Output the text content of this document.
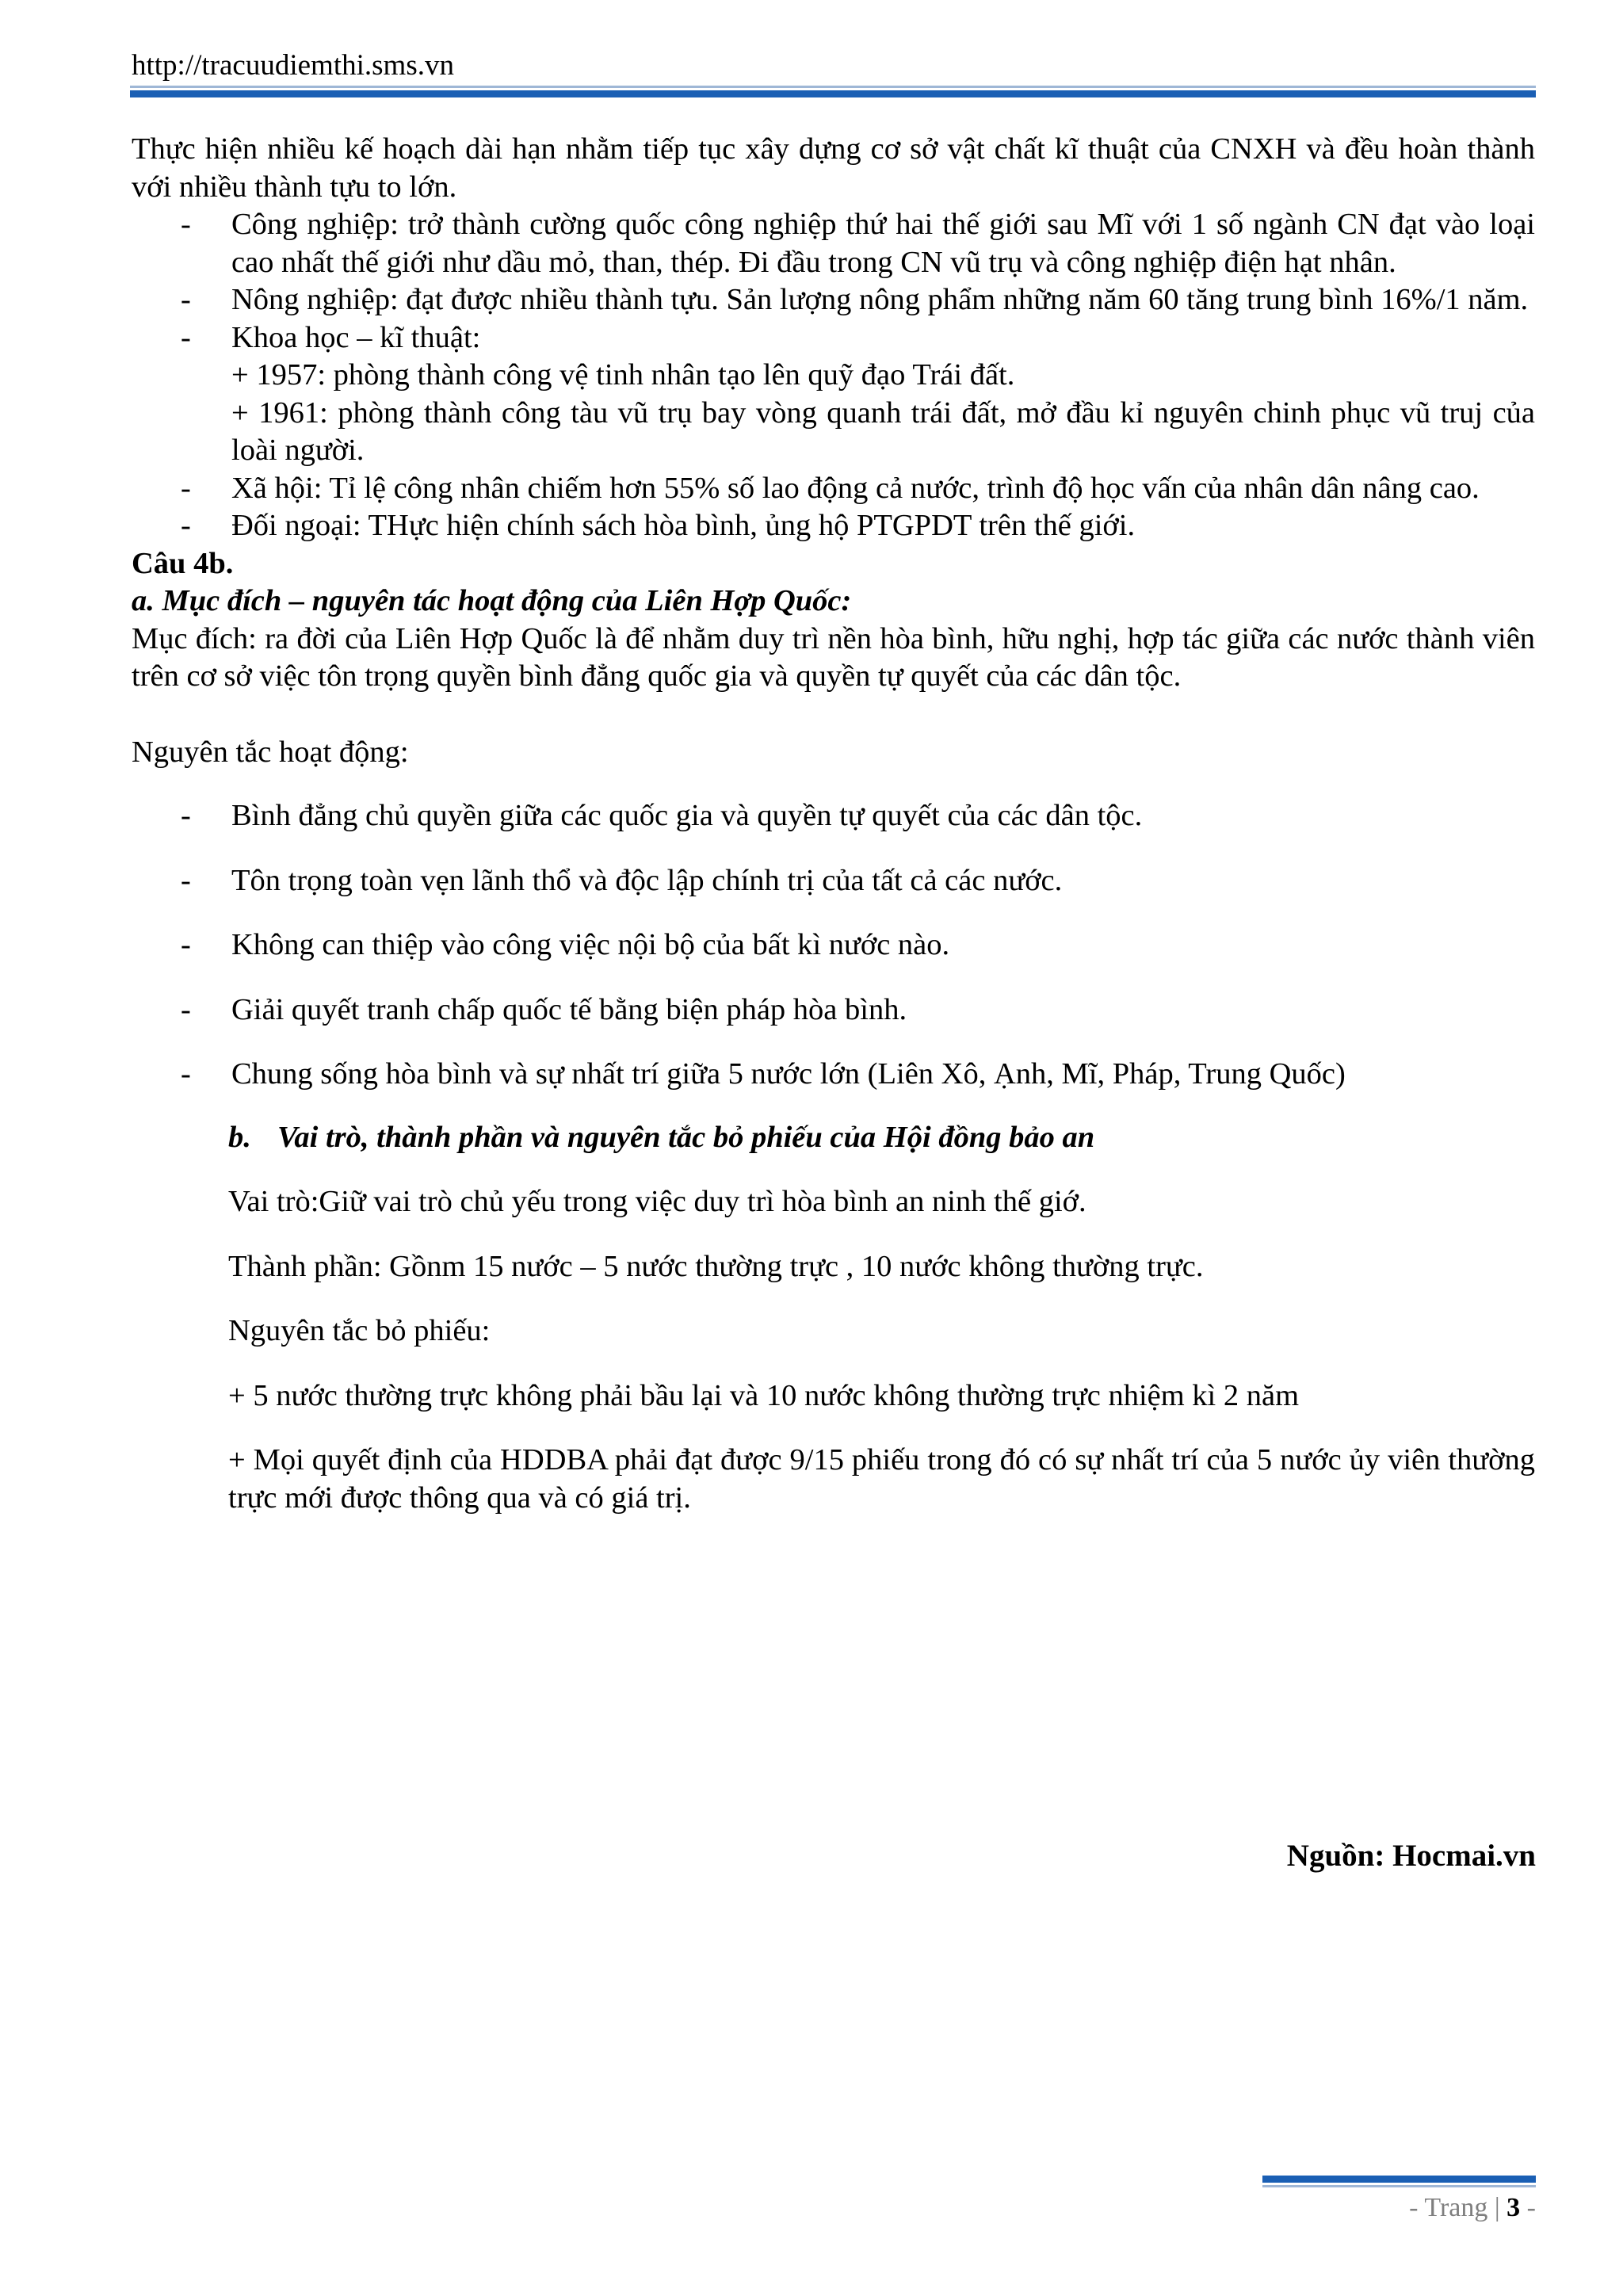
http://tracuudiemthi.sms.vn

Thực hiện nhiều kế hoạch dài hạn nhằm tiếp tục xây dựng cơ sở vật chất kĩ thuật của CNXH và đều hoàn thành với nhiều thành tựu to lớn.

- Công nghiệp: trở thành cường quốc công nghiệp thứ hai thế giới sau Mĩ với 1 số ngành CN đạt vào loại cao nhất thế giới như dầu mỏ, than, thép. Đi đầu trong CN vũ trụ và công nghiệp điện hạt nhân.

- Nông nghiệp: đạt được nhiều thành tựu. Sản lượng nông phẩm những năm 60 tăng trung bình 16%/1 năm.

- Khoa học – kĩ thuật:

+ 1957: phòng thành công vệ tinh nhân tạo lên quỹ đạo Trái đất.

+ 1961: phòng thành công tàu vũ trụ bay vòng quanh trái đất, mở đầu kỉ nguyên chinh phục vũ truj của loài người.

- Xã hội: Tỉ lệ công nhân chiếm hơn 55% số lao động cả nước, trình độ học vấn của nhân dân nâng cao.

- Đối ngoại: THực hiện chính sách hòa bình, ủng hộ PTGPDT trên thế giới.

Câu 4b.

a. Mục đích – nguyên tác hoạt động của Liên Hợp Quốc:

Mục đích: ra đời của Liên Hợp Quốc là để nhằm duy trì nền hòa bình, hữu nghị, hợp tác giữa các nước thành viên trên cơ sở việc tôn trọng quyền bình đẳng quốc gia và quyền tự quyết của các dân tộc.

Nguyên tắc hoạt động:

- Bình đẳng chủ quyền giữa các quốc gia và quyền tự quyết của các dân tộc.

- Tôn trọng toàn vẹn lãnh thổ và độc lập chính trị của tất cả các nước.

- Không can thiệp vào công việc nội bộ của bất kì nước nào.

- Giải quyết tranh chấp quốc tế bằng biện pháp hòa bình.

- Chung sống hòa bình và sự nhất trí giữa 5 nước lớn (Liên Xô, Ạnh, Mĩ, Pháp, Trung Quốc)

b. Vai trò, thành phần và nguyên tắc bỏ phiếu của Hội đồng bảo an

Vai trò:Giữ vai trò chủ yếu trong việc duy trì hòa bình an ninh thế giớ.

Thành phần: Gồnm 15 nước – 5 nước thường trực , 10 nước không thường trực.

Nguyên tắc bỏ phiếu:

+ 5 nước thường trực không phải bầu lại và 10 nước không thường trực nhiệm kì 2 năm

+ Mọi quyết định của HDDBA phải đạt được 9/15 phiếu trong đó có sự nhất trí của 5 nước ủy viên thường trực mới được thông qua và có giá trị.

Nguồn: Hocmai.vn
- Trang | 3 -
